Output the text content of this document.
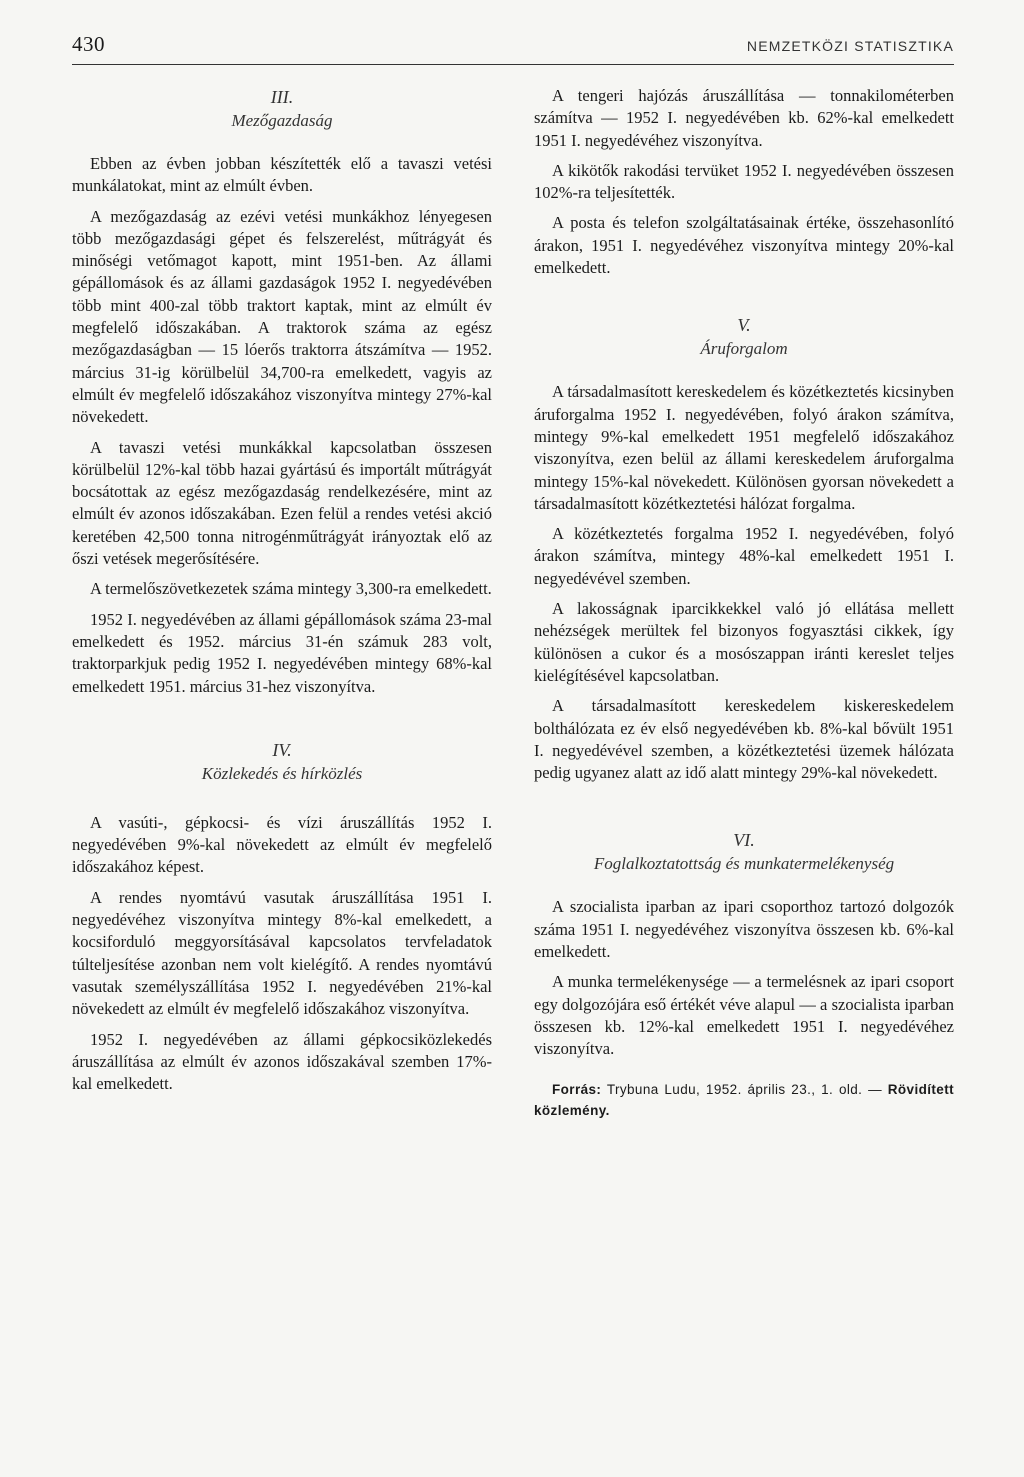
430	NEMZETKÖZI STATISZTIKA
III.
Mezőgazdaság

Ebben az évben jobban készítették elő a tavaszi vetési munkálatokat, mint az elmúlt évben.

A mezőgazdaság az ezévi vetési munkákhoz lényegesen több mezőgazdasági gépet és felszerelést, műtrágyát és minőségi vetőmagot kapott, mint 1951-ben. Az állami gépállomások és az állami gazdaságok 1952 I. negyedévében több mint 400-zal több traktort kaptak, mint az elmúlt év megfelelő időszakában. A traktorok száma az egész mezőgazdaságban — 15 lóerős traktorra átszámítva — 1952. március 31-ig körülbelül 34,700-ra emelkedett, vagyis az elmúlt év megfelelő időszakához viszonyítva mintegy 27%-kal növekedett.

A tavaszi vetési munkákkal kapcsolatban összesen körülbelül 12%-kal több hazai gyártású és importált műtrágyát bocsátottak az egész mezőgazdaság rendelkezésére, mint az elmúlt év azonos időszakában. Ezen felül a rendes vetési akció keretében 42,500 tonna nitrogénműtrágyát irányoztak elő az őszi vetések megerősítésére.

A termelőszövetkezetek száma mintegy 3,300-ra emelkedett.

1952 I. negyedévében az állami gépállomások száma 23-mal emelkedett és 1952. március 31-én számuk 283 volt, traktorparkjuk pedig 1952 I. negyedévében mintegy 68%-kal emelkedett 1951. március 31-hez viszonyítva.

IV.
Közlekedés és hírközlés

A vasúti-, gépkocsi- és vízi áruszállítás 1952 I. negyedévében 9%-kal növekedett az elmúlt év megfelelő időszakához képest.

A rendes nyomtávú vasutak áruszállítása 1951 I. negyedévéhez viszonyítva mintegy 8%-kal emelkedett, a kocsiforduló meggyorsításával kapcsolatos tervfeladatok túlteljesítése azonban nem volt kielégítő. A rendes nyomtávú vasutak személyszállítása 1952 I. negyedévében 21%-kal növekedett az elmúlt év megfelelő időszakához viszonyítva.

1952 I. negyedévében az állami gépkocsiközlekedés áruszállítása az elmúlt év azonos időszakával szemben 17%-kal emelkedett.

A tengeri hajózás áruszállítása — tonnakilométerben számítva — 1952 I. negyedévében kb. 62%-kal emelkedett 1951 I. negyedévéhez viszonyítva.

A kikötők rakodási tervüket 1952 I. negyedévében összesen 102%-ra teljesítették.

A posta és telefon szolgáltatásainak értéke, összehasonlító árakon, 1951 I. negyedévéhez viszonyítva mintegy 20%-kal emelkedett.

V.
Áruforgalom

A társadalmasított kereskedelem és közétkeztetés kicsinyben áruforgalma 1952 I. negyedévében, folyó árakon számítva, mintegy 9%-kal emelkedett 1951 megfelelő időszakához viszonyítva, ezen belül az állami kereskedelem áruforgalma mintegy 15%-kal növekedett. Különösen gyorsan növekedett a társadalmasított közétkeztetési hálózat forgalma.

A közétkeztetés forgalma 1952 I. negyedévében, folyó árakon számítva, mintegy 48%-kal emelkedett 1951 I. negyedévével szemben.

A lakosságnak iparcikkekkel való jó ellátása mellett nehézségek merültek fel bizonyos fogyasztási cikkek, így különösen a cukor és a mosószappan iránti kereslet teljes kielégítésével kapcsolatban.

A társadalmasított kereskedelem kiskereskedelem bolthálózata ez év első negyedévében kb. 8%-kal bővült 1951 I. negyedévével szemben, a közétkeztetési üzemek hálózata pedig ugyanez alatt az idő alatt mintegy 29%-kal növekedett.

VI.
Foglalkoztatottság és munkatermelékenység

A szocialista iparban az ipari csoporthoz tartozó dolgozók száma 1951 I. negyedévéhez viszonyítva összesen kb. 6%-kal emelkedett.

A munka termelékenysége — a termelésnek az ipari csoport egy dolgozójára eső értékét véve alapul — a szocialista iparban összesen kb. 12%-kal emelkedett 1951 I. negyedévéhez viszonyítva.

Forrás: Trybuna Ludu, 1952. április 23., 1. old. — Rövidített közlemény.
